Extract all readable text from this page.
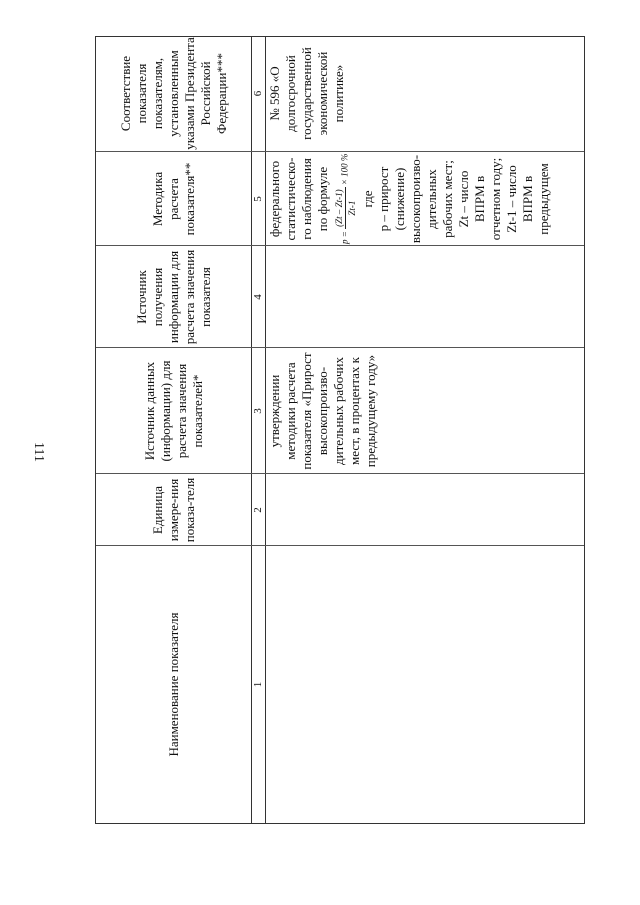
111
Наименование показателя
Единица измере-ния показа-теля
Источник данных (информации) для расчета значения показателей*
Источник получения информации для расчета значения показателя
Методика расчета показателя**
Соответствие показателя показателям, установленным указами Президента Российской Федерации***
1
2
3
4
5
6
утверждении методики расчета показателя «Прирост высокопроизво-дительных рабочих мест, в процентах к предыдущему году»
федерального статистическо-го наблюдения по формуле
p =
(Zt – Zt-1) Zt-1
× 100 %
где p – прирост (снижение) высокопроизво-дительных рабочих мест; Zt – число ВПРМ в отчетном году; Zt-1 – число ВПРМ в предыдущем
№ 596 «О долгосрочной государственной экономической политике»
